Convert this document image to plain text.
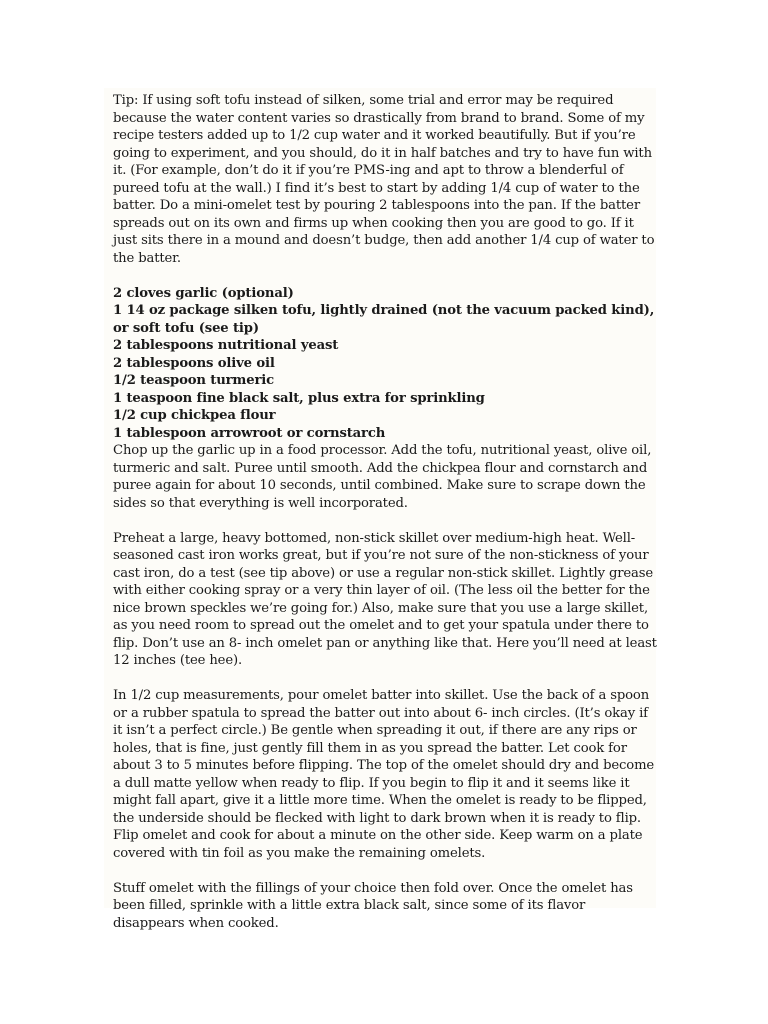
Tip: If using soft tofu instead of silken, some trial and error may be required because the water content varies so drastically from brand to brand. Some of my recipe testers added up to 1/2 cup water and it worked beautifully. But if you’re going to experiment, and you should, do it in half batches and try to have fun with it. (For example, don’t do it if you’re PMS-ing and apt to throw a blenderful of pureed tofu at the wall.) I find it’s best to start by adding 1/4 cup of water to the batter. Do a mini-omelet test by pouring 2 tablespoons into the pan. If the batter spreads out on its own and firms up when cooking then you are good to go. If it just sits there in a mound and doesn’t budge, then add another 1/4 cup of water to the batter.

2 cloves garlic (optional)
1 14 oz package silken tofu, lightly drained (not the vacuum packed kind), or soft tofu (see tip)
2 tablespoons nutritional yeast
2 tablespoons olive oil
1/2 teaspoon turmeric
1 teaspoon fine black salt, plus extra for sprinkling
1/2 cup chickpea flour
1 tablespoon arrowroot or cornstarch

Chop up the garlic up in a food processor. Add the tofu, nutritional yeast, olive oil, turmeric and salt. Puree until smooth. Add the chickpea flour and cornstarch and puree again for about 10 seconds, until combined. Make sure to scrape down the sides so that everything is well incorporated.

Preheat a large, heavy bottomed, non-stick skillet over medium-high heat. Well-seasoned cast iron works great, but if you’re not sure of the non-stickness of your cast iron, do a test (see tip above) or use a regular non-stick skillet. Lightly grease with either cooking spray or a very thin layer of oil. (The less oil the better for the nice brown speckles we’re going for.) Also, make sure that you use a large skillet, as you need room to spread out the omelet and to get your spatula under there to flip. Don’t use an 8- inch omelet pan or anything like that. Here you’ll need at least 12 inches (tee hee).

In 1/2 cup measurements, pour omelet batter into skillet. Use the back of a spoon or a rubber spatula to spread the batter out into about 6- inch circles. (It’s okay if it isn’t a perfect circle.) Be gentle when spreading it out, if there are any rips or holes, that is fine, just gently fill them in as you spread the batter. Let cook for about 3 to 5 minutes before flipping. The top of the omelet should dry and become a dull matte yellow when ready to flip. If you begin to flip it and it seems like it might fall apart, give it a little more time. When the omelet is ready to be flipped, the underside should be flecked with light to dark brown when it is ready to flip. Flip omelet and cook for about a minute on the other side. Keep warm on a plate covered with tin foil as you make the remaining omelets.

Stuff omelet with the fillings of your choice then fold over. Once the omelet has been filled, sprinkle with a little extra black salt, since some of its flavor disappears when cooked.
